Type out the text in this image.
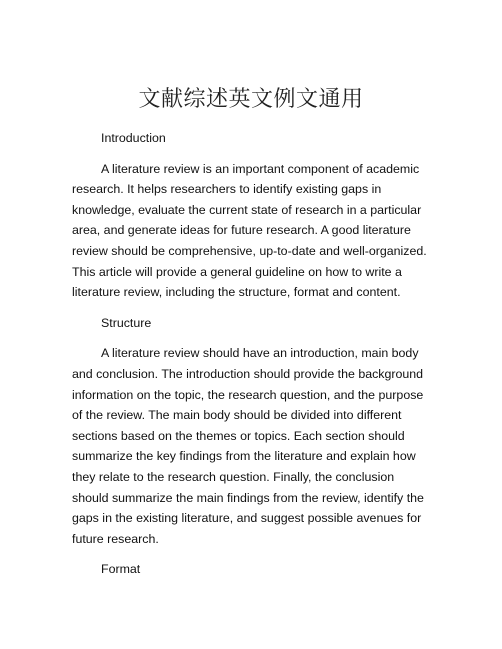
文献综述英文例文通用
Introduction
A literature review is an important component of academic research. It helps researchers to identify existing gaps in knowledge, evaluate the current state of research in a particular area, and generate ideas for future research. A good literature review should be comprehensive, up-to-date and well-organized. This article will provide a general guideline on how to write a literature review, including the structure, format and content.
Structure
A literature review should have an introduction, main body and conclusion. The introduction should provide the background information on the topic, the research question, and the purpose of the review. The main body should be divided into different sections based on the themes or topics. Each section should summarize the key findings from the literature and explain how they relate to the research question. Finally, the conclusion should summarize the main findings from the review, identify the gaps in the existing literature, and suggest possible avenues for future research.
Format
